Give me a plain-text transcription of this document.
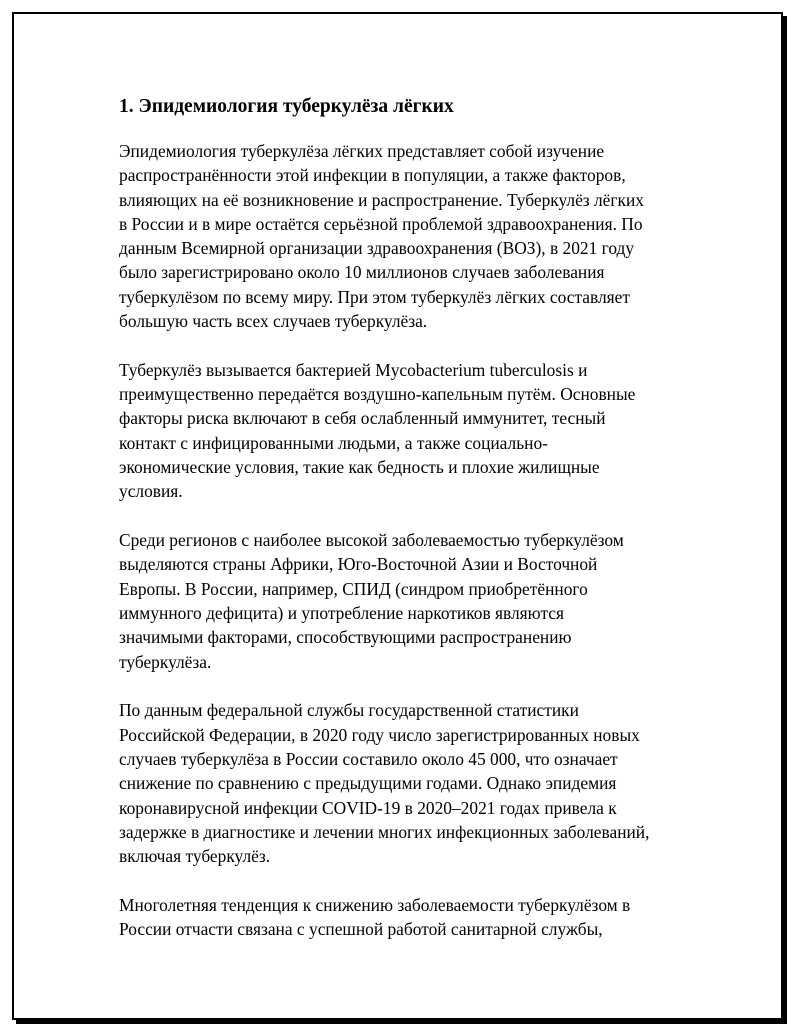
1. Эпидемиология туберкулёза лёгких

Эпидемиология туберкулёза лёгких представляет собой изучение
распространённости этой инфекции в популяции, а также факторов,
влияющих на её возникновение и распространение. Туберкулёз лёгких
в России и в мире остаётся серьёзной проблемой здравоохранения. По
данным Всемирной организации здравоохранения (ВОЗ), в 2021 году
было зарегистрировано около 10 миллионов случаев заболевания
туберкулёзом по всему миру. При этом туберкулёз лёгких составляет
большую часть всех случаев туберкулёза.

Туберкулёз вызывается бактерией Mycobacterium tuberculosis и
преимущественно передаётся воздушно-капельным путём. Основные
факторы риска включают в себя ослабленный иммунитет, тесный
контакт с инфицированными людьми, а также социально-
экономические условия, такие как бедность и плохие жилищные
условия.

Среди регионов с наиболее высокой заболеваемостью туберкулёзом
выделяются страны Африки, Юго-Восточной Азии и Восточной
Европы. В России, например, СПИД (синдром приобретённого
иммунного дефицита) и употребление наркотиков являются
значимыми факторами, способствующими распространению
туберкулёза.

По данным федеральной службы государственной статистики
Российской Федерации, в 2020 году число зарегистрированных новых
случаев туберкулёза в России составило около 45 000, что означает
снижение по сравнению с предыдущими годами. Однако эпидемия
коронавирусной инфекции COVID-19 в 2020–2021 годах привела к
задержке в диагностике и лечении многих инфекционных заболеваний,
включая туберкулёз.

Многолетняя тенденция к снижению заболеваемости туберкулёзом в
России отчасти связана с успешной работой санитарной службы,
